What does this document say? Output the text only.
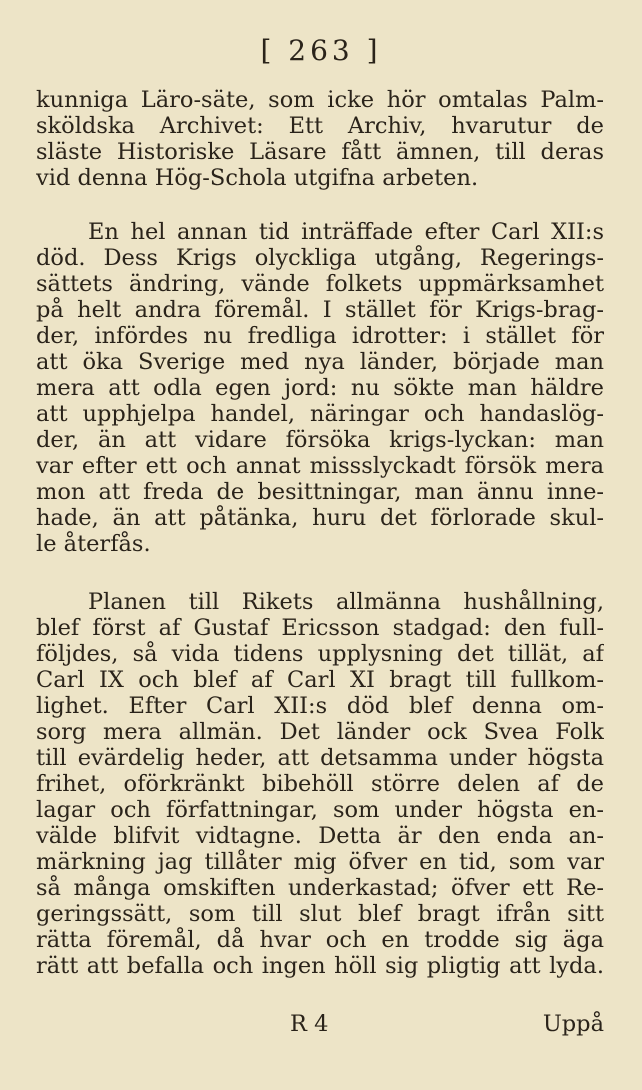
[ 263 ]
kunniga Läro-säte, som icke hör omtalas Palm-
sköldska Archivet: Ett Archiv, hvarutur de
släste Historiske Läsare fått ämnen, till deras
vid denna Hög-Schola utgifna arbeten.
En hel annan tid inträffade efter Carl XII:s
död. Dess Krigs olyckliga utgång, Regerings-
sättets ändring, vände folkets uppmärksamhet
på helt andra föremål. I stället för Krigs-brag-
der, infördes nu fredliga idrotter: i stället för
att öka Sverige med nya länder, började man
mera att odla egen jord: nu sökte man häldre
att upphjelpa handel, näringar och handaslög-
der, än att vidare försöka krigs-lyckan: man
var efter ett och annat missslyckadt försök mera
mon att freda de besittningar, man ännu inne-
hade, än att påtänka, huru det förlorade skul-
le återfås.
Planen till Rikets allmänna hushållning,
blef först af Gustaf Ericsson stadgad: den full-
följdes, så vida tidens upplysning det tillät, af
Carl IX och blef af Carl XI bragt till fullkom-
lighet. Efter Carl XII:s död blef denna om-
sorg mera allmän. Det länder ock Svea Folk
till evärdelig heder, att detsamma under högsta
frihet, oförkränkt bibehöll större delen af de
lagar och författningar, som under högsta en-
välde blifvit vidtagne. Detta är den enda an-
märkning jag tillåter mig öfver en tid, som var
så många omskiften underkastad; öfver ett Re-
geringssätt, som till slut blef bragt ifrån sitt
rätta föremål, då hvar och en trodde sig äga
rätt att befalla och ingen höll sig pligtig att lyda.
R 4	Uppå
